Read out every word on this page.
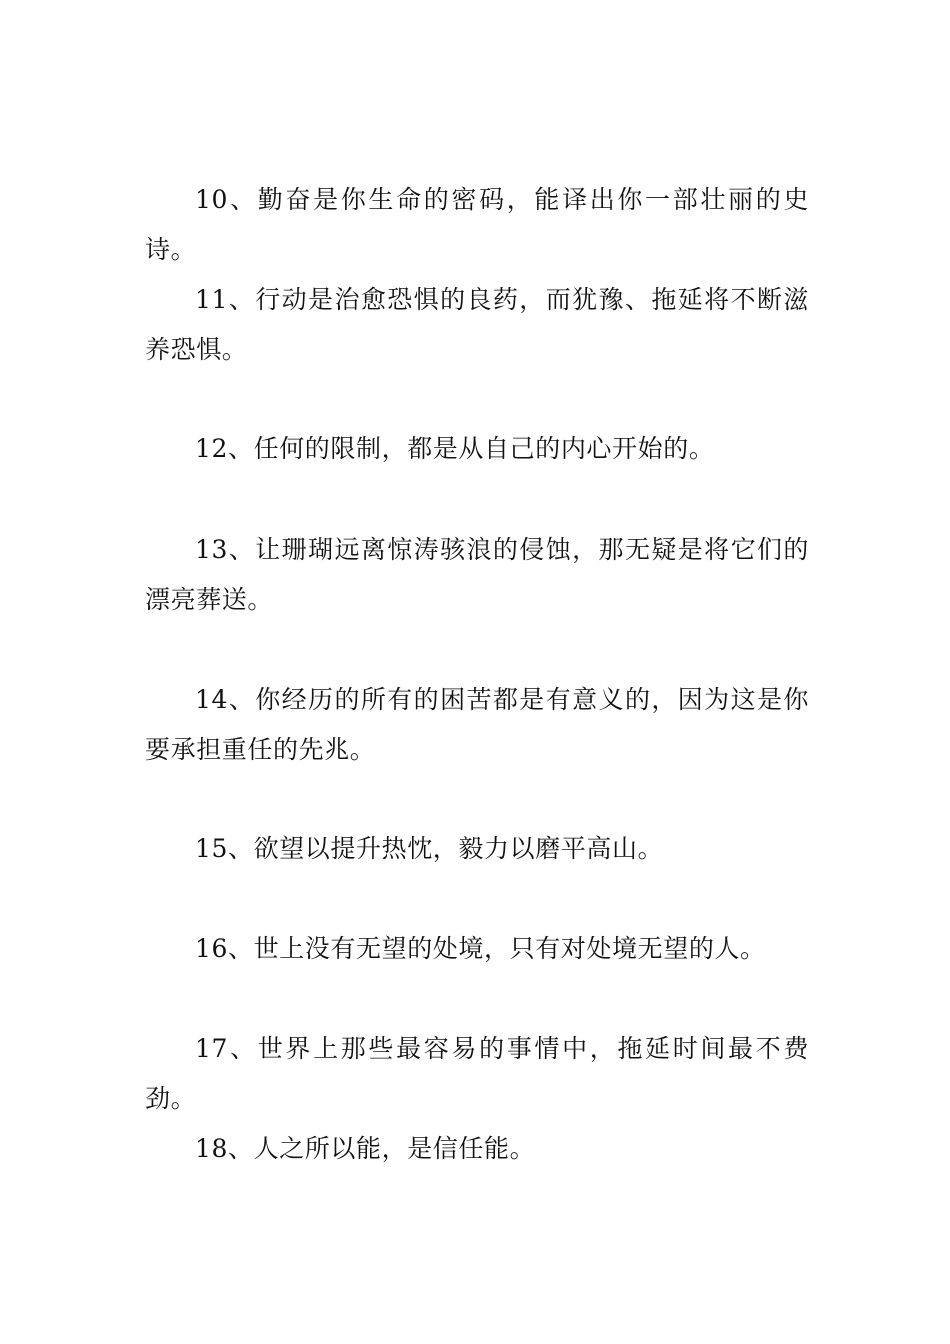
10、勤奋是你生命的密码，能译出你一部壮丽的史诗。

11、行动是治愈恐惧的良药，而犹豫、拖延将不断滋养恐惧。

12、任何的限制，都是从自己的内心开始的。

13、让珊瑚远离惊涛骇浪的侵蚀，那无疑是将它们的漂亮葬送。

14、你经历的所有的困苦都是有意义的，因为这是你要承担重任的先兆。

15、欲望以提升热忱，毅力以磨平高山。

16、世上没有无望的处境，只有对处境无望的人。

17、世界上那些最容易的事情中，拖延时间最不费劲。

18、人之所以能，是信任能。
